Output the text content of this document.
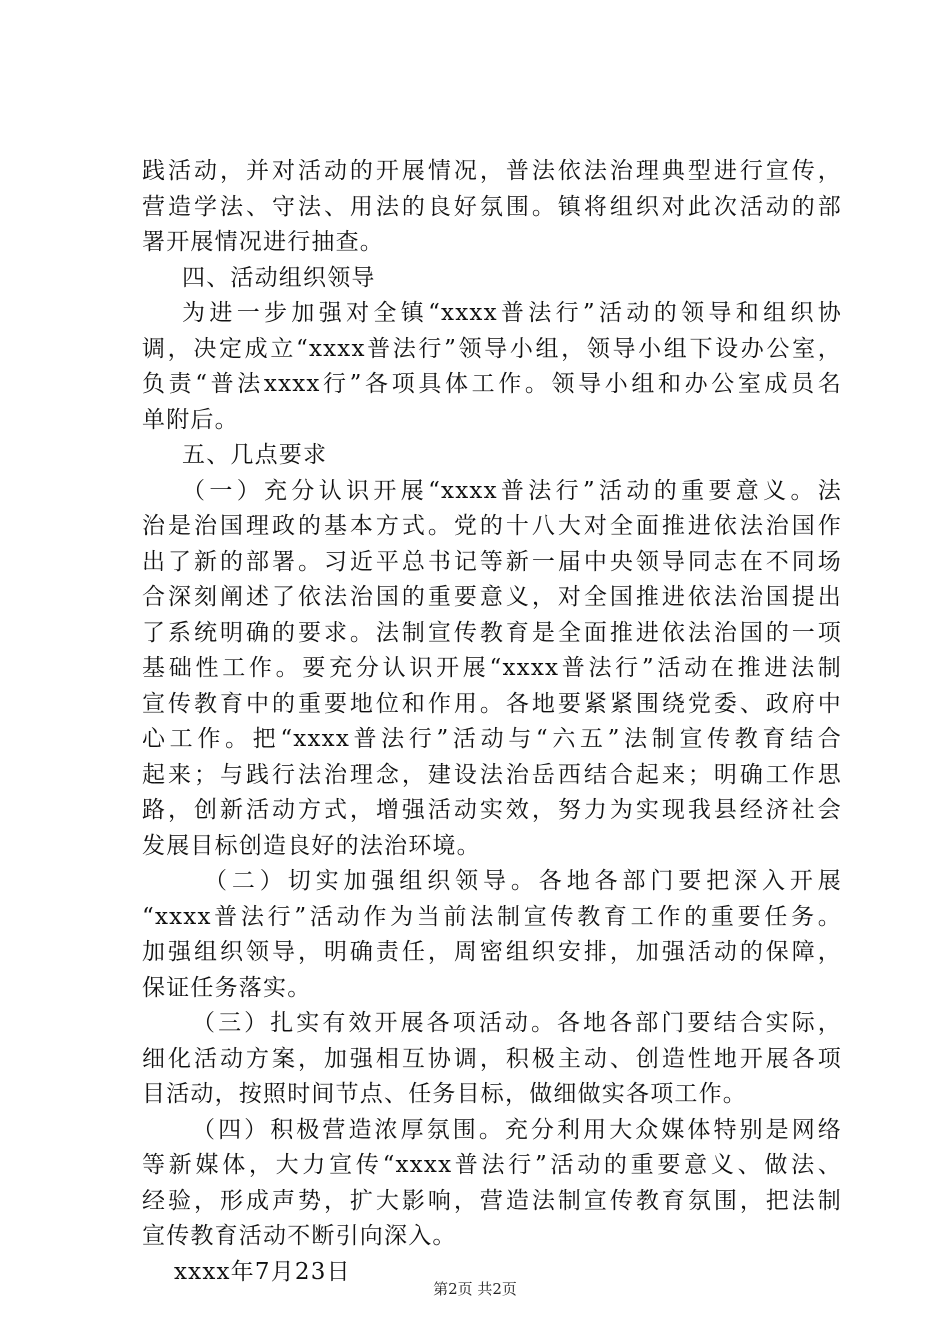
践活动，并对活动的开展情况，普法依法治理典型进行宣传，
营造学法、守法、用法的良好氛围。镇将组织对此次活动的部
署开展情况进行抽查。
四、活动组织领导
为进一步加强对全镇“xxxx普法行”活动的领导和组织协
调，决定成立“xxxx普法行”领导小组，领导小组下设办公室，
负责“普法xxxx行”各项具体工作。领导小组和办公室成员名
单附后。
五、几点要求
（一）充分认识开展“xxxx普法行”活动的重要意义。法
治是治国理政的基本方式。党的十八大对全面推进依法治国作
出了新的部署。习近平总书记等新一届中央领导同志在不同场
合深刻阐述了依法治国的重要意义，对全国推进依法治国提出
了系统明确的要求。法制宣传教育是全面推进依法治国的一项
基础性工作。要充分认识开展“xxxx普法行”活动在推进法制
宣传教育中的重要地位和作用。各地要紧紧围绕党委、政府中
心工作。把“xxxx普法行”活动与“六五”法制宣传教育结合
起来；与践行法治理念，建设法治岳西结合起来；明确工作思
路，创新活动方式，增强活动实效，努力为实现我县经济社会
发展目标创造良好的法治环境。
（二）切实加强组织领导。各地各部门要把深入开展
“xxxx普法行”活动作为当前法制宣传教育工作的重要任务。
加强组织领导，明确责任，周密组织安排，加强活动的保障，
保证任务落实。
（三）扎实有效开展各项活动。各地各部门要结合实际，
细化活动方案，加强相互协调，积极主动、创造性地开展各项
目活动，按照时间节点、任务目标，做细做实各项工作。
（四）积极营造浓厚氛围。充分利用大众媒体特别是网络
等新媒体，大力宣传“xxxx普法行”活动的重要意义、做法、
经验，形成声势，扩大影响，营造法制宣传教育氛围，把法制
宣传教育活动不断引向深入。
xxxx年7月23日
第2页 共2页
